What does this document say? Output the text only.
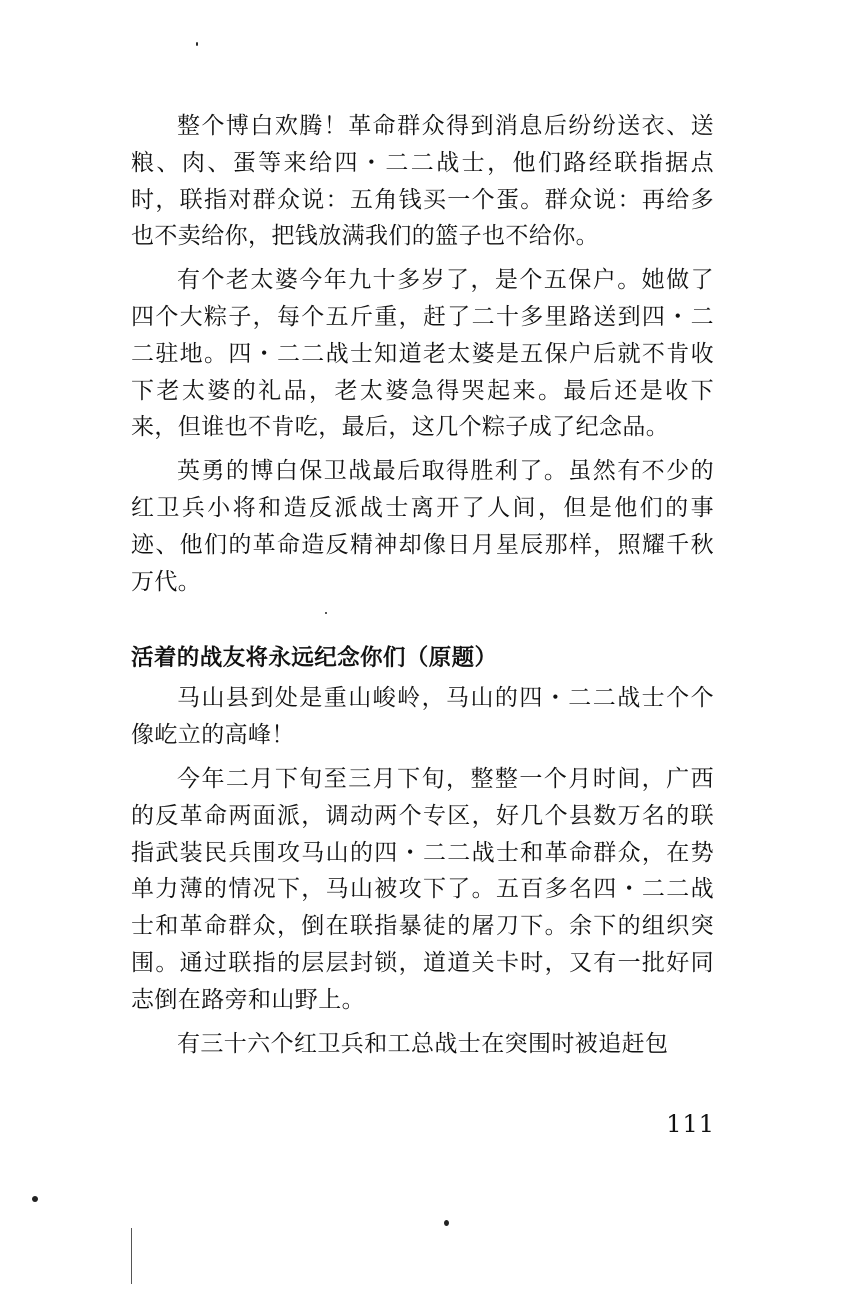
整个博白欢腾！革命群众得到消息后纷纷送衣、送粮、肉、蛋等来给四・二二战士，他们路经联指据点时，联指对群众说：五角钱买一个蛋。群众说：再给多也不卖给你，把钱放满我们的篮子也不给你。

有个老太婆今年九十多岁了，是个五保户。她做了四个大粽子，每个五斤重，赶了二十多里路送到四・二二驻地。四・二二战士知道老太婆是五保户后就不肯收下老太婆的礼品，老太婆急得哭起来。最后还是收下来，但谁也不肯吃，最后，这几个粽子成了纪念品。

英勇的博白保卫战最后取得胜利了。虽然有不少的红卫兵小将和造反派战士离开了人间，但是他们的事迹、他们的革命造反精神却像日月星辰那样，照耀千秋万代。

活着的战友将永远纪念你们（原题）

马山县到处是重山峻岭，马山的四・二二战士个个像屹立的高峰！

今年二月下旬至三月下旬，整整一个月时间，广西的反革命两面派，调动两个专区，好几个县数万名的联指武装民兵围攻马山的四・二二战士和革命群众，在势单力薄的情况下，马山被攻下了。五百多名四・二二战士和革命群众，倒在联指暴徒的屠刀下。余下的组织突围。通过联指的层层封锁，道道关卡时，又有一批好同志倒在路旁和山野上。

有三十六个红卫兵和工总战士在突围时被追赶包

111
